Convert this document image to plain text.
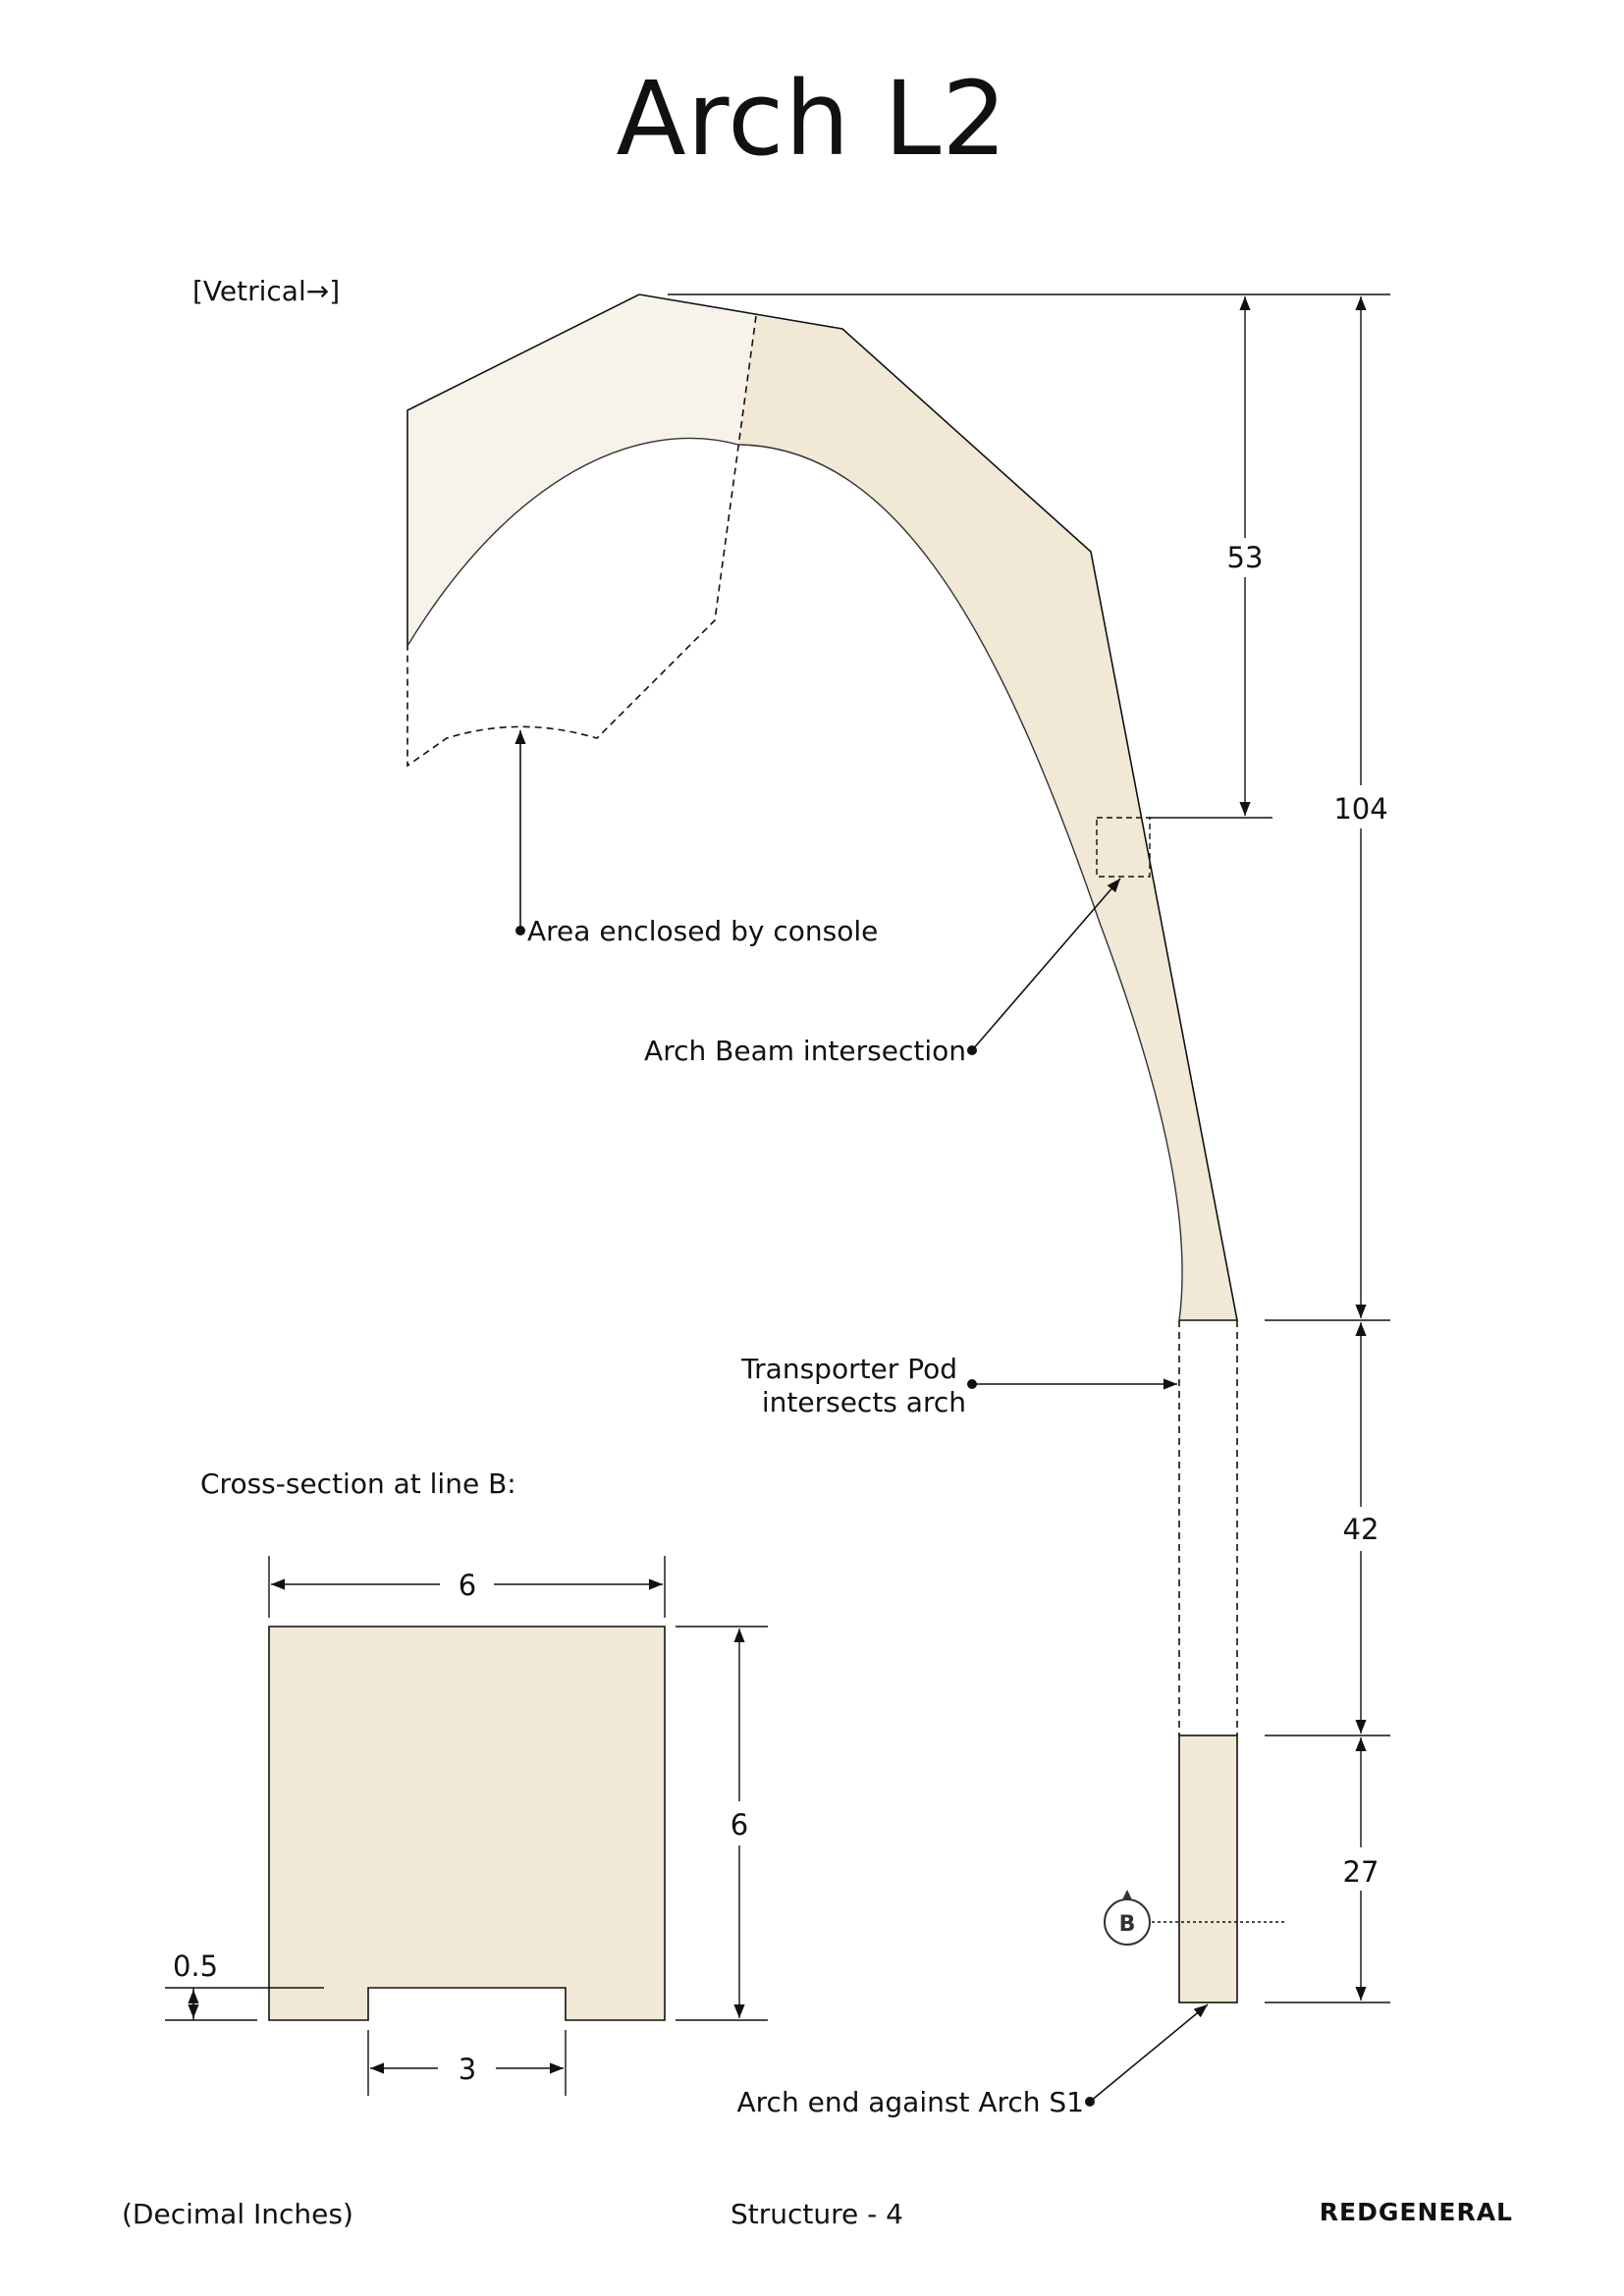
Arch L2
[Vetrical→]
53
104
42
27
Area enclosed by console
Arch Beam intersection
Transporter Pod
intersects arch
Arch end against Arch S1
B
Cross-section at line B:
6
6
0.5
3
(Decimal Inches)	Structure - 4	REDGENERAL
